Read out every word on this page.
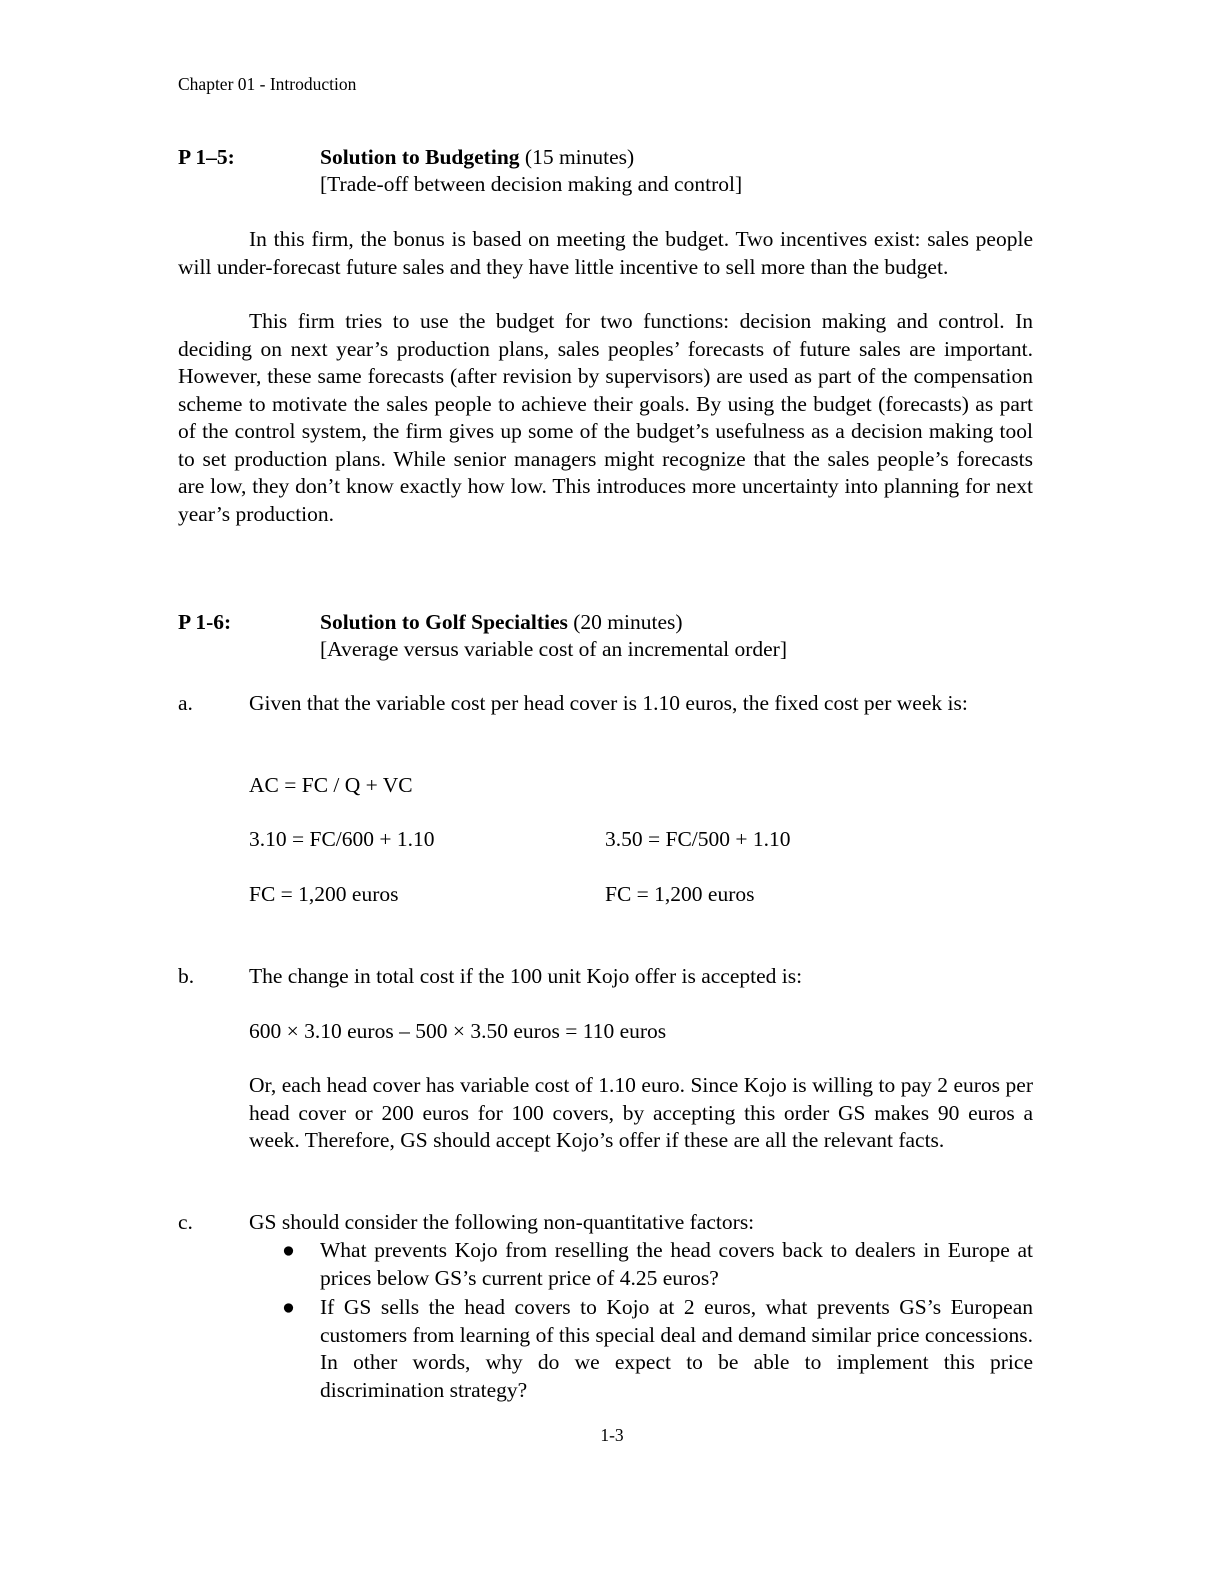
Chapter 01 - Introduction
P 1–5:	Solution to Budgeting (15 minutes)
[Trade-off between decision making and control]

In this firm, the bonus is based on meeting the budget. Two incentives exist: sales people will under-forecast future sales and they have little incentive to sell more than the budget.

This firm tries to use the budget for two functions: decision making and control. In deciding on next year’s production plans, sales peoples’ forecasts of future sales are important. However, these same forecasts (after revision by supervisors) are used as part of the compensation scheme to motivate the sales people to achieve their goals. By using the budget (forecasts) as part of the control system, the firm gives up some of the budget’s usefulness as a decision making tool to set production plans. While senior managers might recognize that the sales people’s forecasts are low, they don’t know exactly how low. This introduces more uncertainty into planning for next year’s production.

P 1-6:	Solution to Golf Specialties (20 minutes)
[Average versus variable cost of an incremental order]
a.	Given that the variable cost per head cover is 1.10 euros, the fixed cost per week is:

AC = FC / Q + VC
3.10 = FC/600 + 1.10	3.50 = FC/500 + 1.10
FC = 1,200 euros	FC = 1,200 euros
b.	The change in total cost if the 100 unit Kojo offer is accepted is:

600 × 3.10 euros – 500 × 3.50 euros = 110 euros

Or, each head cover has variable cost of 1.10 euro. Since Kojo is willing to pay 2 euros per head cover or 200 euros for 100 covers, by accepting this order GS makes 90 euros a week. Therefore, GS should accept Kojo’s offer if these are all the relevant facts.

c.	GS should consider the following non-quantitative factors:

● What prevents Kojo from reselling the head covers back to dealers in Europe at prices below GS’s current price of 4.25 euros?
● If GS sells the head covers to Kojo at 2 euros, what prevents GS’s European customers from learning of this special deal and demand similar price concessions. In other words, why do we expect to be able to implement this price discrimination strategy?
1-3
